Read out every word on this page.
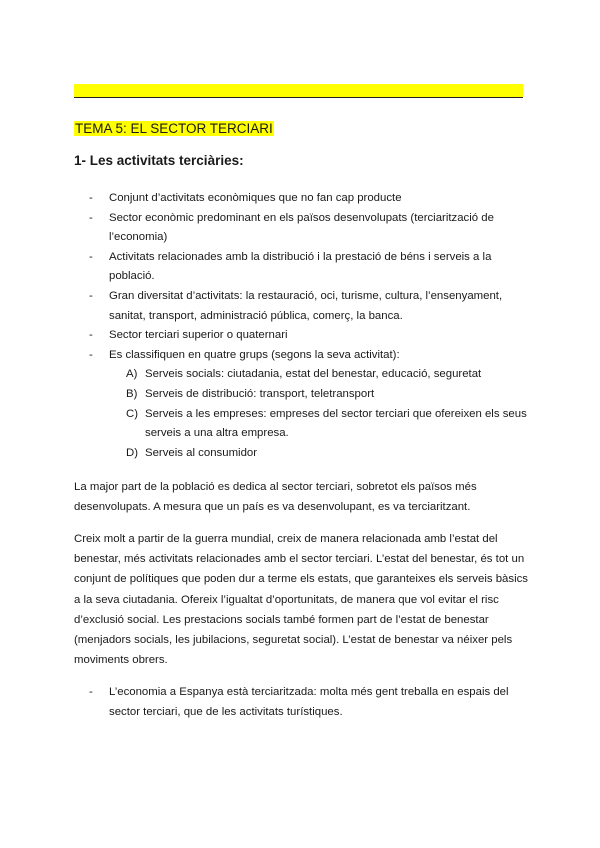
TEMA 5: EL SECTOR TERCIARI
1- Les activitats terciàries:
- Conjunt d’activitats econòmiques que no fan cap producte
- Sector econòmic predominant en els països desenvolupats (terciarització de l’economia)
- Activitats relacionades amb la distribució i la prestació de béns i serveis a la població.
- Gran diversitat d’activitats: la restauració, oci, turisme, cultura, l’ensenyament, sanitat, transport, administració pública, comerç, la banca.
- Sector terciari superior o quaternari
- Es classifiquen en quatre grups (segons la seva activitat):
A) Serveis socials: ciutadania, estat del benestar, educació, seguretat
B) Serveis de distribució: transport, teletransport
C) Serveis a les empreses: empreses del sector terciari que ofereixen els seus serveis a una altra empresa.
D) Serveis al consumidor

La major part de la població es dedica al sector terciari, sobretot els països més desenvolupats. A mesura que un país es va desenvolupant, es va terciaritzant.

Creix molt a partir de la guerra mundial, creix de manera relacionada amb l’estat del benestar, més activitats relacionades amb el sector terciari. L’estat del benestar, és tot un conjunt de polítiques que poden dur a terme els estats, que garanteixes els serveis bàsics a la seva ciutadania. Ofereix l’igualtat d’oportunitats, de manera que vol evitar el risc d’exclusió social. Les prestacions socials també formen part de l’estat de benestar (menjadors socials, les jubilacions, seguretat social). L’estat de benestar va néixer pels moviments obrers.

- L’economia a Espanya està terciaritzada: molta més gent treballa en espais del sector terciari, que de les activitats turístiques.
